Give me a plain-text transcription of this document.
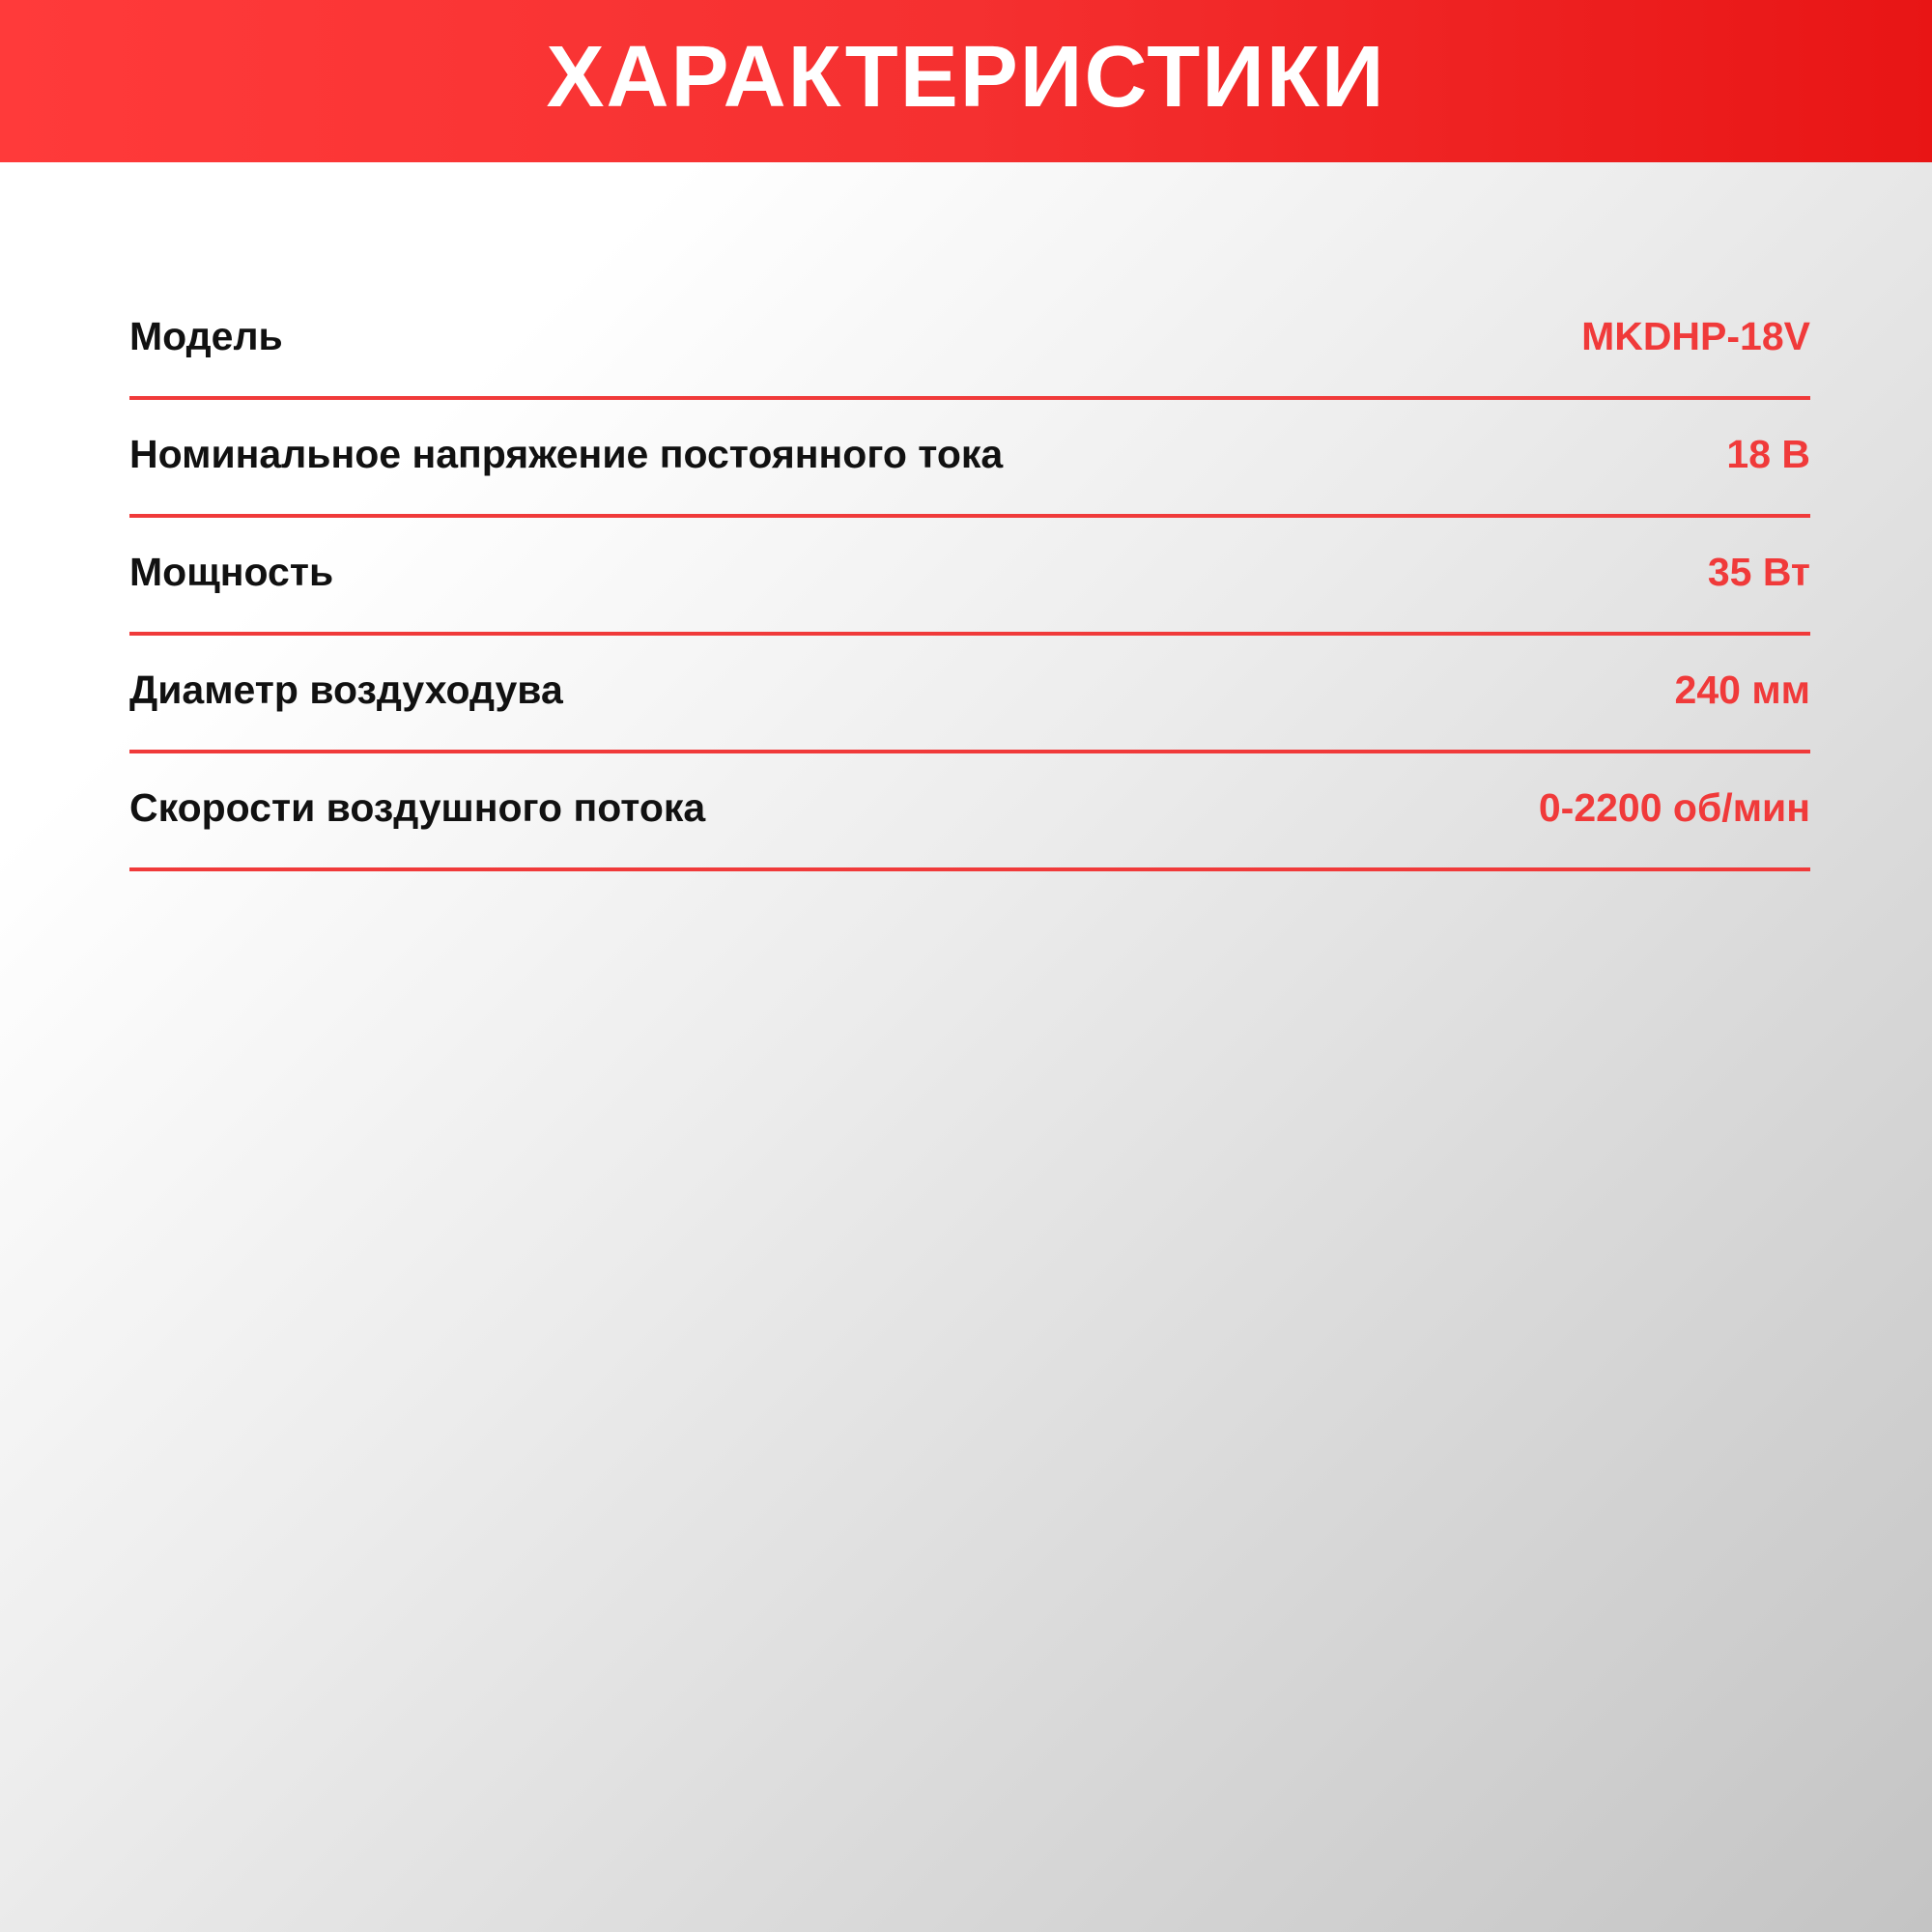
ХАРАКТЕРИСТИКИ
Модель	MKDHP-18V
Номинальное напряжение постоянного тока	18 В
Мощность	35 Вт
Диаметр воздуходува	240 мм
Скорости воздушного потока	0-2200 об/мин
